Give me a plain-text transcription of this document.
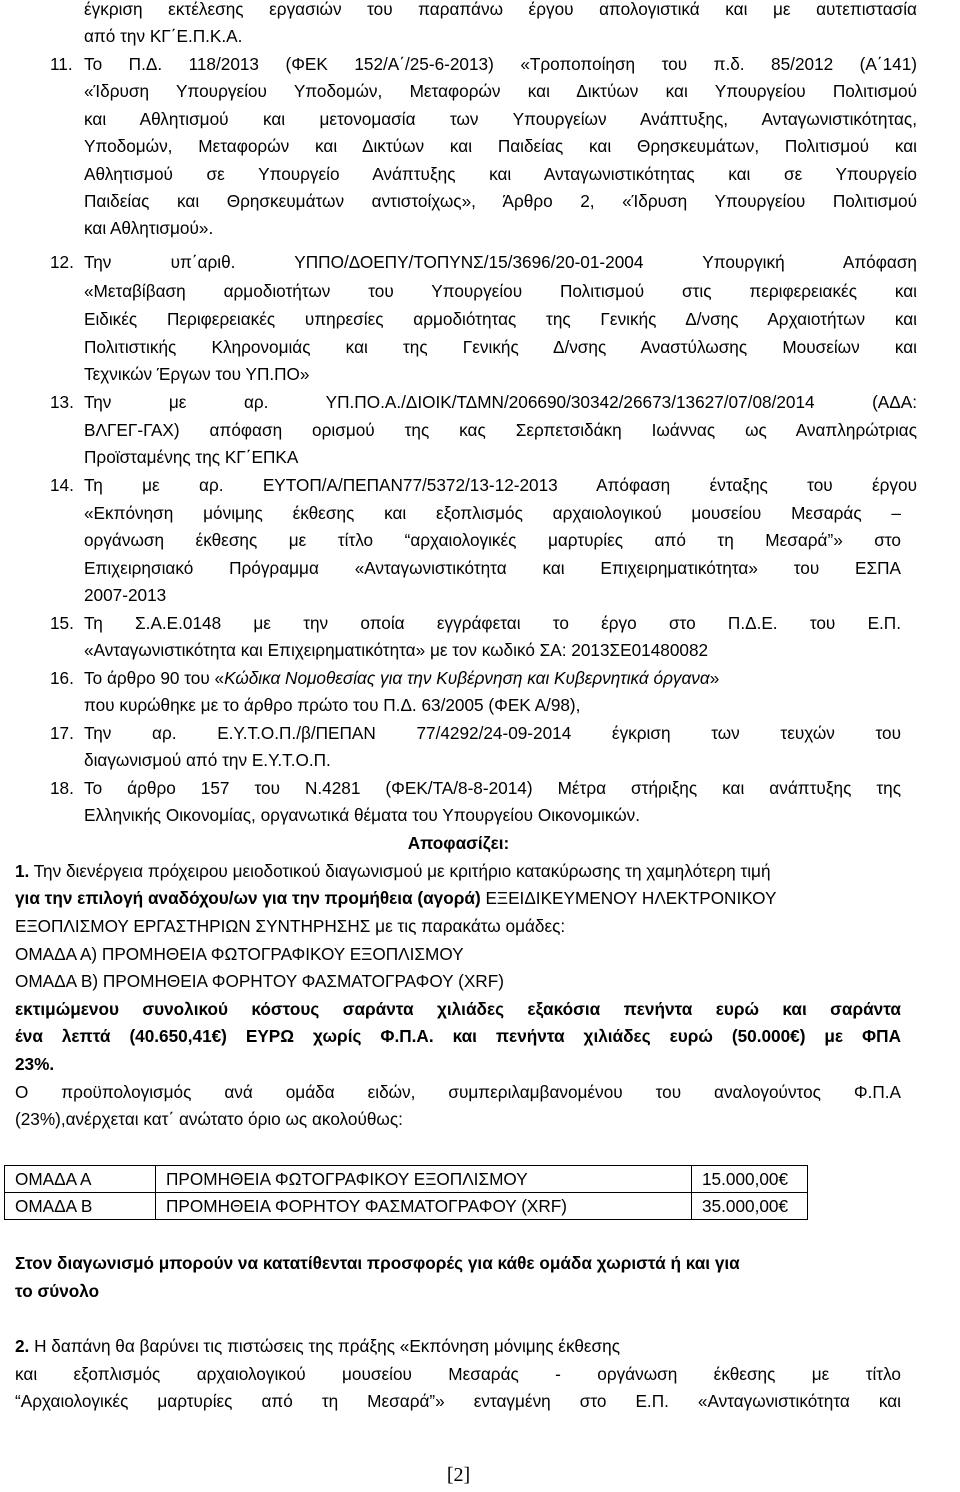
έγκριση εκτέλεσης εργασιών του παραπάνω έργου απολογιστικά και με αυτεπιστασία
από την ΚΓ΄Ε.Π.Κ.Α.
11. Το Π.Δ. 118/2013 (ΦΕΚ 152/Α΄/25-6-2013) «Τροποποίηση του π.δ. 85/2012 (Α΄141)
«Ίδρυση Υπουργείου Υποδομών, Μεταφορών και Δικτύων και Υπουργείου Πολιτισμού
και Αθλητισμού και μετονομασία των Υπουργείων Ανάπτυξης, Ανταγωνιστικότητας,
Υποδομών, Μεταφορών και Δικτύων και Παιδείας και Θρησκευμάτων, Πολιτισμού και
Αθλητισμού σε Υπουργείο Ανάπτυξης και Ανταγωνιστικότητας και σε Υπουργείο
Παιδείας και Θρησκευμάτων αντιστοίχως», Άρθρο 2, «Ίδρυση Υπουργείου Πολιτισμού
και Αθλητισμού».
12. Την υπ΄αριθ. ΥΠΠΟ/ΔΟΕΠΥ/ΤΟΠΥΝΣ/15/3696/20-01-2004 Υπουργική Απόφαση
«Μεταβίβαση αρμοδιοτήτων του Υπουργείου Πολιτισμού στις περιφερειακές και
Ειδικές Περιφερειακές υπηρεσίες αρμοδιότητας της Γενικής Δ/νσης Αρχαιοτήτων και
Πολιτιστικής Κληρονομιάς και της Γενικής Δ/νσης Αναστύλωσης Μουσείων και
Τεχνικών Έργων του ΥΠ.ΠΟ»
13. Την με αρ. ΥΠ.ΠΟ.Α./ΔΙΟΙΚ/ΤΔΜΝ/206690/30342/26673/13627/07/08/2014 (ΑΔΑ:
ΒΛΓΕΓ-ΓΑΧ) απόφαση ορισμού της κας Σερπετσιδάκη Ιωάννας ως Αναπληρώτριας
Προϊσταμένης της ΚΓ΄ΕΠΚΑ
14. Τη με αρ. ΕΥΤΟΠ/Α/ΠΕΠΑΝ77/5372/13-12-2013 Απόφαση ένταξης του έργου
«Εκπόνηση μόνιμης έκθεσης και εξοπλισμός αρχαιολογικού μουσείου Μεσαράς –
οργάνωση έκθεσης με τίτλο “αρχαιολογικές μαρτυρίες από τη Μεσαρά”» στο
Επιχειρησιακό Πρόγραμμα «Ανταγωνιστικότητα και Επιχειρηματικότητα» του ΕΣΠΑ
2007-2013
15. Τη Σ.Α.Ε.0148 με την οποία εγγράφεται το έργο στο Π.Δ.Ε. του Ε.Π.
«Ανταγωνιστικότητα και Επιχειρηματικότητα» με τον κωδικό ΣΑ: 2013ΣΕ01480082
16. Το άρθρο 90 του «Κώδικα Νομοθεσίας για την Κυβέρνηση και Κυβερνητικά όργανα»
που κυρώθηκε με το άρθρο πρώτο του Π.Δ. 63/2005 (ΦΕΚ Α/98),
17. Την αρ. Ε.Υ.Τ.Ο.Π./β/ΠΕΠΑΝ 77/4292/24-09-2014 έγκριση των τευχών του
διαγωνισμού από την Ε.Υ.Τ.Ο.Π.
18. Το άρθρο 157 του Ν.4281 (ΦΕΚ/ΤΑ/8-8-2014) Μέτρα στήριξης και ανάπτυξης της
Ελληνικής Οικονομίας, οργανωτικά θέματα του Υπουργείου Οικονομικών.
Αποφασίζει:
1. Την διενέργεια πρόχειρου μειοδοτικού διαγωνισμού με κριτήριο κατακύρωσης τη χαμηλότερη τιμή
για την επιλογή αναδόχου/ων για την προμήθεια (αγορά) ΕΞΕΙΔΙΚΕΥΜΕΝΟΥ ΗΛΕΚΤΡΟΝΙΚΟΥ
ΕΞΟΠΛΙΣΜΟΥ ΕΡΓΑΣΤΗΡΙΩΝ ΣΥΝΤΗΡΗΣΗΣ με τις παρακάτω ομάδες:
ΟΜΑΔΑ Α) ΠΡΟΜΗΘΕΙΑ ΦΩΤΟΓΡΑΦΙΚΟΥ ΕΞΟΠΛΙΣΜΟΥ
ΟΜΑΔΑ Β) ΠΡΟΜΗΘΕΙΑ ΦΟΡΗΤΟΥ ΦΑΣΜΑΤΟΓΡΑΦΟΥ (XRF)
εκτιμώμενου συνολικού κόστους σαράντα χιλιάδες εξακόσια πενήντα ευρώ και σαράντα
ένα λεπτά (40.650,41€) ΕΥΡΩ χωρίς Φ.Π.Α. και πενήντα χιλιάδες ευρώ (50.000€) με ΦΠΑ
23%.
Ο προϋπολογισμός ανά ομάδα ειδών, συμπεριλαμβανομένου του αναλογούντος Φ.Π.Α
(23%),ανέρχεται κατ΄ ανώτατο όριο ως ακολούθως:
ΟΜΑΔΑ Α	ΠΡΟΜΗΘΕΙΑ ΦΩΤΟΓΡΑΦΙΚΟΥ ΕΞΟΠΛΙΣΜΟΥ	15.000,00€
ΟΜΑΔΑ Β	ΠΡΟΜΗΘΕΙΑ ΦΟΡΗΤΟΥ ΦΑΣΜΑΤΟΓΡΑΦΟΥ (XRF)	35.000,00€
Στον διαγωνισμό μπορούν να κατατίθενται προσφορές για κάθε ομάδα χωριστά ή και για
το σύνολο
2. Η δαπάνη θα βαρύνει τις πιστώσεις της πράξης «Εκπόνηση μόνιμης έκθεσης
και εξοπλισμός αρχαιολογικού μουσείου Μεσαράς - οργάνωση έκθεσης με τίτλο
“Αρχαιολογικές μαρτυρίες από τη Μεσαρά”» ενταγμένη στο Ε.Π. «Ανταγωνιστικότητα και
[2]
